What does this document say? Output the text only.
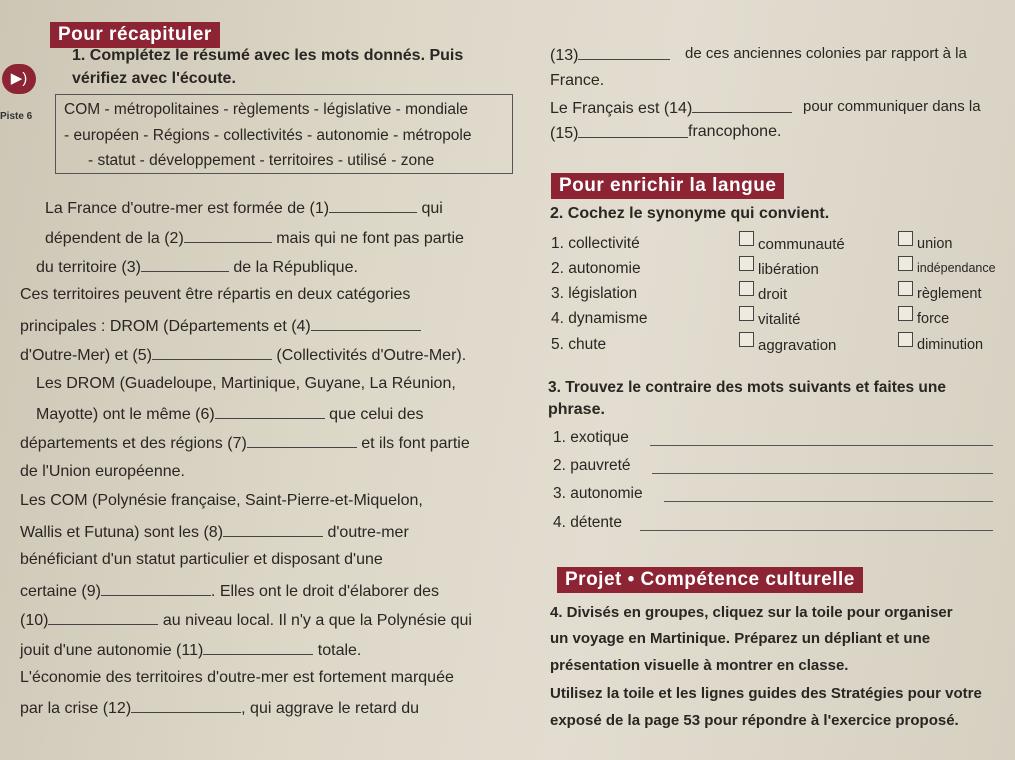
Pour récapituler
▶)
Piste 6
1. Complétez le résumé avec les mots donnés. Puis
vérifiez avec l'écoute.
COM - métropolitaines - règlements - législative - mondiale
- européen - Régions - collectivités - autonomie - métropole
- statut - développement - territoires - utilisé - zone
La France d'outre-mer est formée de (1)	qui
dépendent de la (2)	mais qui ne font pas partie
du territoire (3)	de la République.
Ces territoires peuvent être répartis en deux catégories
principales : DROM (Départements et (4)
d'Outre-Mer) et (5)	(Collectivités d'Outre-Mer).
Les DROM (Guadeloupe, Martinique, Guyane, La Réunion,
Mayotte) ont le même (6)	que celui des
départements et des régions (7)	et ils font partie
de l'Union européenne.
Les COM (Polynésie française, Saint-Pierre-et-Miquelon,
Wallis et Futuna) sont les (8)	d'outre-mer
bénéficiant d'un statut particulier et disposant d'une
certaine (9)	. Elles ont le droit d'élaborer des
(10)	au niveau local. Il n'y a que la Polynésie qui
jouit d'une autonomie (11)	totale.
L'économie des territoires d'outre-mer est fortement marquée
par la crise (12)	, qui aggrave le retard du
(13)	de ces anciennes colonies par rapport à la
France.
Le Français est (14)	pour communiquer dans la
(15)	francophone.
Pour enrichir la langue
2. Cochez le synonyme qui convient.
1. collectivité	communauté	union
2. autonomie	libération	indépendance
3. législation	droit	règlement
4. dynamisme	vitalité	force
5. chute	aggravation	diminution
3. Trouvez le contraire des mots suivants et faites une
phrase.
1. exotique
2. pauvreté
3. autonomie
4. détente
Projet • Compétence culturelle
4. Divisés en groupes, cliquez sur la toile pour organiser
un voyage en Martinique. Préparez un dépliant et une
présentation visuelle à montrer en classe.
Utilisez la toile et les lignes guides des Stratégies pour votre
exposé de la page 53 pour répondre à l'exercice proposé.
